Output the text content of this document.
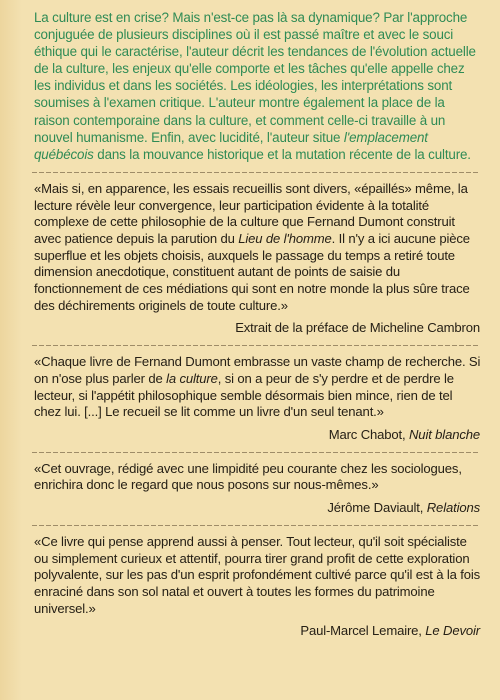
La culture est en crise? Mais n'est-ce pas là sa dynamique? Par l'approche conjuguée de plusieurs disciplines où il est passé maître et avec le souci éthique qui le caractérise, l'auteur décrit les tendances de l'évolution actuelle de la culture, les enjeux qu'elle comporte et les tâches qu'elle appelle chez les individus et dans les sociétés. Les idéologies, les interprétations sont soumises à l'examen critique. L'auteur montre également la place de la raison contemporaine dans la culture, et comment celle-ci travaille à un nouvel humanisme. Enfin, avec lucidité, l'auteur situe l'emplacement québécois dans la mouvance historique et la mutation récente de la culture.

«Mais si, en apparence, les essais recueillis sont divers, «épaillés» même, la lecture révèle leur convergence, leur participation évidente à la totalité complexe de cette philosophie de la culture que Fernand Dumont construit avec patience depuis la parution du Lieu de l'homme. Il n'y a ici aucune pièce superflue et les objets choisis, auxquels le passage du temps a retiré toute dimension anecdotique, constituent autant de points de saisie du fonctionnement de ces médiations qui sont en notre monde la plus sûre trace des déchirements originels de toute culture.»

Extrait de la préface de Micheline Cambron

«Chaque livre de Fernand Dumont embrasse un vaste champ de recherche. Si on n'ose plus parler de la culture, si on a peur de s'y perdre et de perdre le lecteur, si l'appétit philosophique semble désormais bien mince, rien de tel chez lui. [...] Le recueil se lit comme un livre d'un seul tenant.»

Marc Chabot, Nuit blanche

«Cet ouvrage, rédigé avec une limpidité peu courante chez les sociologues, enrichira donc le regard que nous posons sur nous-mêmes.»

Jérôme Daviault, Relations

«Ce livre qui pense apprend aussi à penser. Tout lecteur, qu'il soit spécialiste ou simplement curieux et attentif, pourra tirer grand profit de cette exploration polyvalente, sur les pas d'un esprit profondément cultivé parce qu'il est à la fois enraciné dans son sol natal et ouvert à toutes les formes du patrimoine universel.»

Paul-Marcel Lemaire, Le Devoir
